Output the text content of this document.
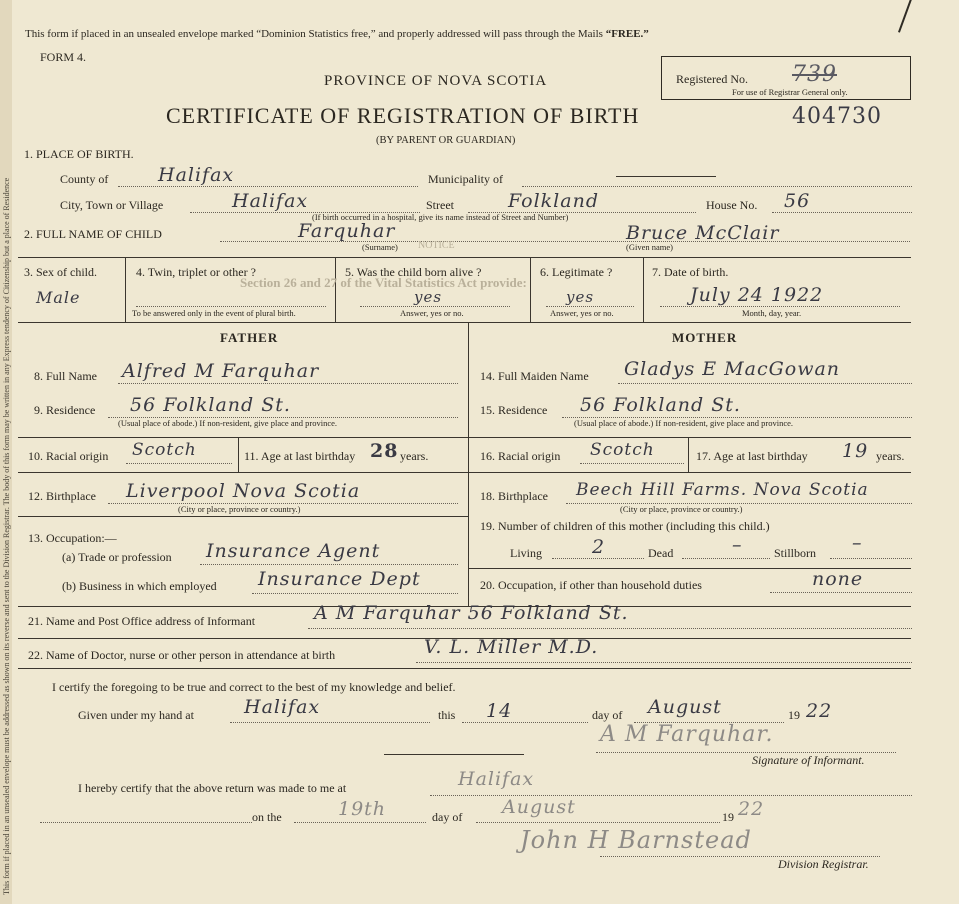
This form if placed in an unsealed envelope must be addressed as shown on its reverse and sent to the Division Registrar. The body of this form may be written in any Express tendency of Citizenship but a place of Residence
This form if placed in an unsealed envelope marked “Dominion Statistics free,” and properly addressed will pass through the Mails “FREE.”
FORM 4.
PROVINCE OF NOVA SCOTIA
CERTIFICATE OF REGISTRATION OF BIRTH
(BY PARENT OR GUARDIAN)
Registered No. 739
For use of Registrar General only.
404730
1. PLACE OF BIRTH.
County of	Halifax	Municipality of
City, Town or Village	Halifax	Street	Folkland
(If birth occurred in a hospital, give its name instead of Street and Number)
House No. 56
2. FULL NAME OF CHILD	Farquhar
(Surname)
Bruce McClair
(Given name)
3. Sex of child.
Male
4. Twin, triplet or other ?
To be answered only in the event of plural birth.
5. Was the child born alive ?
yes
Answer, yes or no.
6. Legitimate ?
yes
Answer, yes or no.
7. Date of birth.
July 24 1922
Month, day, year.
NOTICE
Section 26 and 27 of the Vital Statistics Act provide:
FATHER	MOTHER
8. Full Name Alfred M Farquhar
9. Residence 56 Folkland St.
(Usual place of abode.) If non-resident, give place and province.
10. Racial origin Scotch	11. Age at last birthday 28 years.
12. Birthplace Liverpool Nova Scotia
(City or place, province or country.)
13. Occupation:—
(a) Trade or profession Insurance Agent
(b) Business in which employed Insurance Dept
14. Full Maiden Name Gladys E MacGowan
15. Residence 56 Folkland St.
(Usual place of abode.) If non-resident, give place and province.
16. Racial origin Scotch	17. Age at last birthday 19 years.
18. Birthplace Beech Hill Farms. Nova Scotia
(City or place, province or country.)
19. Number of children of this mother (including this child.)
Living	2	Dead	–	Stillborn –
20. Occupation, if other than household duties	none
21. Name and Post Office address of Informant	A M Farquhar 56 Folkland St.
22. Name of Doctor, nurse or other person in attendance at birth	V. L. Miller M.D.
I certify the foregoing to be true and correct to the best of my knowledge and belief.
Given under my hand at	Halifax	this 14	day of August	19 22
A M Farquhar.
Signature of Informant.
I hereby certify that the above return was made to me at	Halifax
on the	19th	day of August	19 22
John H Barnstead
Division Registrar.
